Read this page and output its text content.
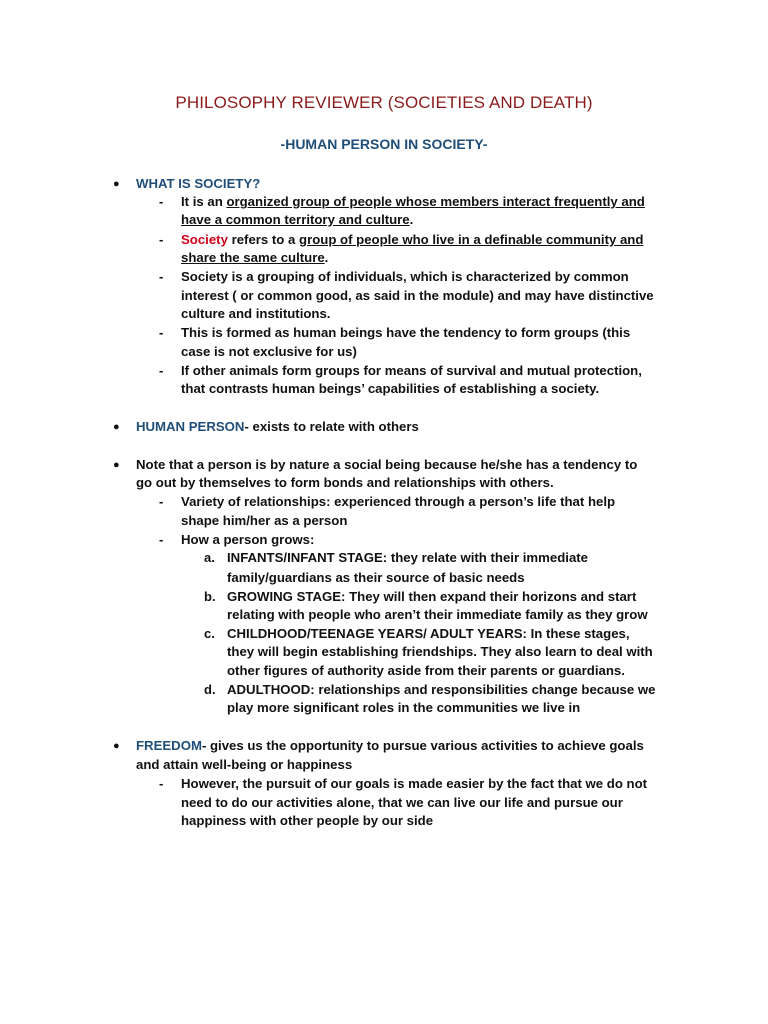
PHILOSOPHY REVIEWER (SOCIETIES AND DEATH)
-HUMAN PERSON IN SOCIETY-
● WHAT IS SOCIETY?
- It is an organized group of people whose members interact frequently and
have a common territory and culture.
- Society refers to a group of people who live in a definable community and
share the same culture.
- Society is a grouping of individuals, which is characterized by common
interest ( or common good, as said in the module) and may have distinctive
culture and institutions.
- This is formed as human beings have the tendency to form groups (this
case is not exclusive for us)
- If other animals form groups for means of survival and mutual protection,
that contrasts human beings’ capabilities of establishing a society.
● HUMAN PERSON- exists to relate with others
● Note that a person is by nature a social being because he/she has a tendency to
go out by themselves to form bonds and relationships with others.
- Variety of relationships: experienced through a person’s life that help
shape him/her as a person
- How a person grows:
a. INFANTS/INFANT STAGE: they relate with their immediate
family/guardians as their source of basic needs
b. GROWING STAGE: They will then expand their horizons and start
relating with people who aren’t their immediate family as they grow
c. CHILDHOOD/TEENAGE YEARS/ ADULT YEARS: In these stages,
they will begin establishing friendships. They also learn to deal with
other figures of authority aside from their parents or guardians.
d. ADULTHOOD: relationships and responsibilities change because we
play more significant roles in the communities we live in
● FREEDOM- gives us the opportunity to pursue various activities to achieve goals
and attain well-being or happiness
- However, the pursuit of our goals is made easier by the fact that we do not
need to do our activities alone, that we can live our life and pursue our
happiness with other people by our side
